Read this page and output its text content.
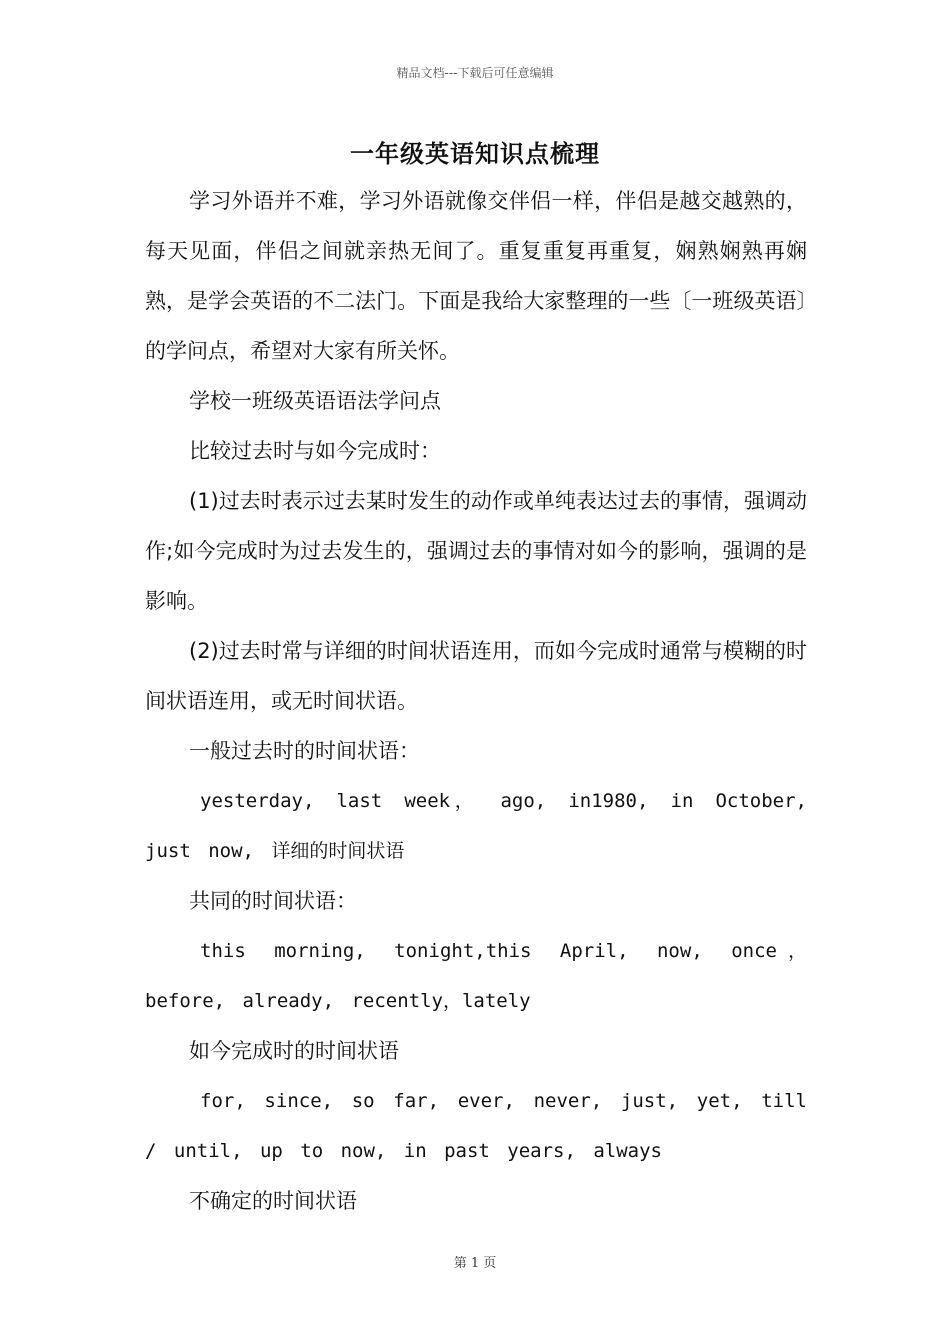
精品文档---下载后可任意编辑
一年级英语知识点梳理

学习外语并不难，学习外语就像交伴侣一样，伴侣是越交越熟的，每天见面，伴侣之间就亲热无间了。重复重复再重复，娴熟娴熟再娴熟，是学会英语的不二法门。下面是我给大家整理的一些〔一班级英语〕的学问点，希望对大家有所关怀。

学校一班级英语语法学问点

比较过去时与如今完成时：

(1)过去时表示过去某时发生的动作或单纯表达过去的事情，强调动作;如今完成时为过去发生的，强调过去的事情对如今的影响，强调的是影响。

(2)过去时常与详细的时间状语连用，而如今完成时通常与模糊的时间状语连用，或无时间状语。

一般过去时的时间状语：

yesterday, last week， ago, in1980, in October, just now, 详细的时间状语

共同的时间状语：

this morning, tonight,this April, now, once，before, already, recently，lately

如今完成时的时间状语

for, since, so far, ever, never, just, yet, till / until, up to now, in past years, always

不确定的时间状语

第 1 页
